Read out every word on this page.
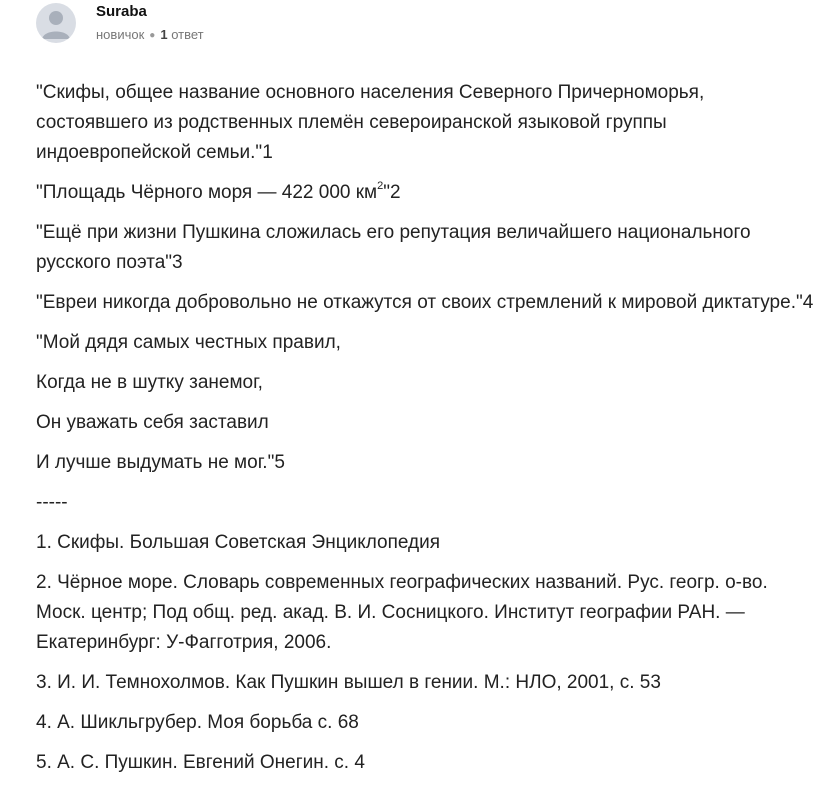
Suraba
новичок ● 1 ответ

"Скифы, общее название основного населения Северного Причерноморья, состоявшего из родственных племён североиранской языковой группы индоевропейской семьи."1

"Площадь Чёрного моря — 422 000 $км^2"2$

"Ещё при жизни Пушкина сложилась его репутация величайшего национального русского поэта"3

"Евреи никогда добровольно не откажутся от своих стремлений к мировой диктатуре."4

"Мой дядя самых честных правил,

Когда не в шутку занемог,

Он уважать себя заставил

И лучше выдумать не мог."5

-----

1. Скифы. Большая Советская Энциклопедия

2. Чёрное море. Словарь современных географических названий. Рус. геогр. о-во. Моск. центр; Под общ. ред. акад. В. И. Сосницкого. Институт географии РАН. — Екатеринбург: У-Фагготрия, 2006.

3. И. И. Темнохолмов. Как Пушкин вышел в гении. М.: НЛО, 2001, с. 53

4. А. Шикльгрубер. Моя борьба с. 68

5. А. С. Пушкин. Евгений Онегин. с. 4
